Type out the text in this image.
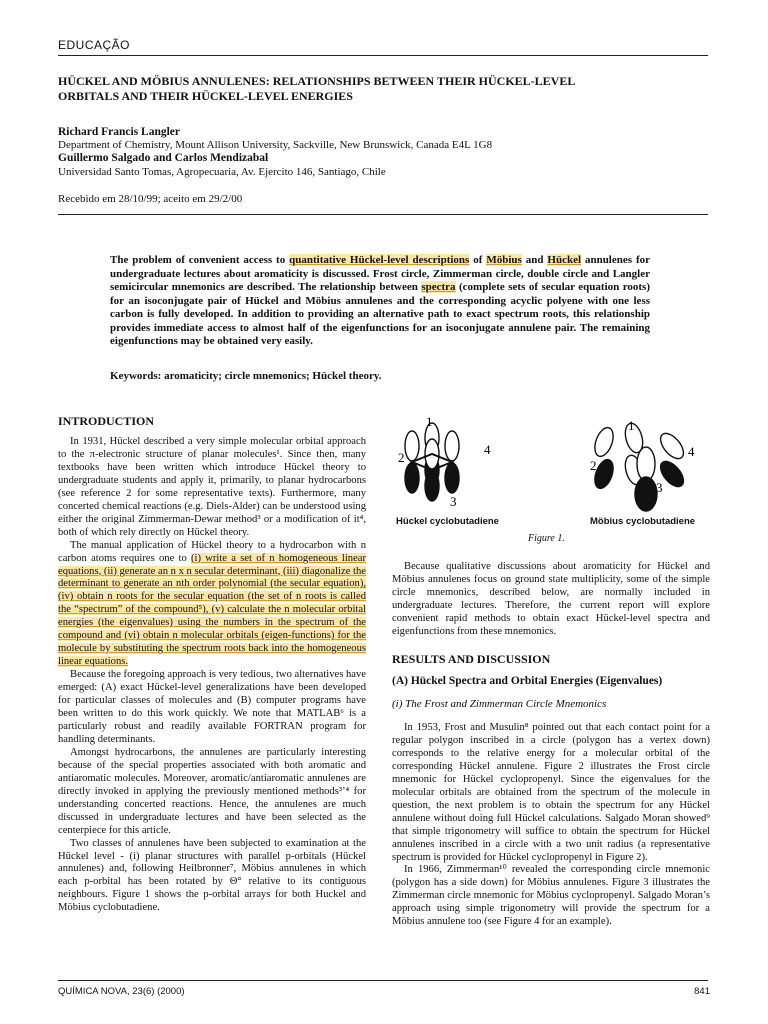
EDUCAÇÃO
HÜCKEL AND MÖBIUS ANNULENES: RELATIONSHIPS BETWEEN THEIR HÜCKEL-LEVEL
ORBITALS AND THEIR HÜCKEL-LEVEL ENERGIES
Richard Francis Langler
Department of Chemistry, Mount Allison University, Sackville, New Brunswick, Canada E4L 1G8
Guillermo Salgado and Carlos Mendizabal
Universidad Santo Tomas, Agropecuaria, Av. Ejercito 146, Santiago, Chile
Recebido em 28/10/99; aceito em 29/2/00
The problem of convenient access to quantitative Hückel-level descriptions of Möbius and Hückel annulenes for undergraduate lectures about aromaticity is discussed. Frost circle, Zimmerman circle, double circle and Langler semicircular mnemonics are described. The relationship between spectra (complete sets of secular equation roots) for an isoconjugate pair of Hückel and Möbius annulenes and the corresponding acyclic polyene with one less carbon is fully developed. In addition to providing an alternative path to exact spectrum roots, this relationship provides immediate access to almost half of the eigenfunctions for an isoconjugate annulene pair. The remaining eigenfunctions may be obtained very easily.
Keywords: aromaticity; circle mnemonics; Hückel theory.
INTRODUCTION

In 1931, Hückel described a very simple molecular orbital approach to the π-electronic structure of planar molecules¹. Since then, many textbooks have been written which introduce Hückel theory to undergraduate students and apply it, primarily, to planar hydrocarbons (see reference 2 for some representative texts). Furthermore, many concerted chemical reactions (e.g. Diels-Alder) can be understood using either the original Zimmerman-Dewar method³ or a modification of it⁴, both of which rely directly on Hückel theory.

The manual application of Hückel theory to a hydrocarbon with n carbon atoms requires one to (i) write a set of n homogeneous linear equations, (ii) generate an n x n secular determinant, (iii) diagonalize the determinant to generate an nth order polynomial (the secular equation), (iv) obtain n roots for the secular equation (the set of n roots is called the “spectrum” of the compound⁵), (v) calculate the n molecular orbital energies (the eigenvalues) using the numbers in the spectrum of the compound and (vi) obtain n molecular orbitals (eigen-functions) for the molecule by substituting the spectrum roots back into the homogeneous linear equations.

Because the foregoing approach is very tedious, two alternatives have emerged: (A) exact Hückel-level generalizations have been developed for particular classes of molecules and (B) computer programs have been written to do this work quickly. We note that MATLAB⁶ is a particularly robust and readily available FORTRAN program for handling determinants.

Amongst hydrocarbons, the annulenes are particularly interesting because of the special properties associated with both aromatic and antiaromatic molecules. Moreover, aromatic/antiaromatic annulenes are directly invoked in applying the previously mentioned methods³ʼ⁴ for understanding concerted reactions. Hence, the annulenes are much discussed in undergraduate lectures and have been selected as the centerpiece for this article.

Two classes of annulenes have been subjected to examination at the Hückel level - (i) planar structures with parallel p-orbitals (Hückel annulenes) and, following Heilbronner⁷, Möbius annulenes in which each p-orbital has been rotated by Θ° relative to its contiguous neighbours. Figure 1 shows the p-orbital arrays for both Huckel and Möbius cyclobutadiene.

1
2
3
4
1
2
3
4
Hückel cyclobutadiene	Möbius cyclobutadiene
Figure 1.

Because qualitative discussions about aromaticity for Hückel and Möbius annulenes focus on ground state multiplicity, some of the simple circle mnemonics, described below, are normally included in undergraduate lectures. Therefore, the current report will explore convenient rapid methods to obtain exact Hückel-level spectra and eigenfunctions from these mnemonics.

RESULTS AND DISCUSSION
(A) Hückel Spectra and Orbital Energies (Eigenvalues)
(i) The Frost and Zimmerman Circle Mnemonics

In 1953, Frost and Musulin⁸ pointed out that each contact point for a regular polygon inscribed in a circle (polygon has a vertex down) corresponds to the relative energy for a molecular orbital of the corresponding Hückel annulene. Figure 2 illustrates the Frost circle mnemonic for Hückel cyclopropenyl. Since the eigenvalues for the molecular orbitals are obtained from the spectrum of the molecule in question, the next problem is to obtain the spectrum for any Hückel annulene without doing full Hückel calculations. Salgado Moran showed⁹ that simple trigonometry will suffice to obtain the spectrum for Hückel annulenes inscribed in a circle with a two unit radius (a representative spectrum is provided for Hückel cyclopropenyl in Figure 2).

In 1966, Zimmerman¹⁰ revealed the corresponding circle mnemonic (polygon has a side down) for Möbius annulenes. Figure 3 illustrates the Zimmerman circle mnemonic for Möbius cyclopropenyl. Salgado Moran’s approach using simple trigonometry will provide the spectrum for a Möbius annulene too (see Figure 4 for an example).

QUÍMICA NOVA, 23(6) (2000)	841
